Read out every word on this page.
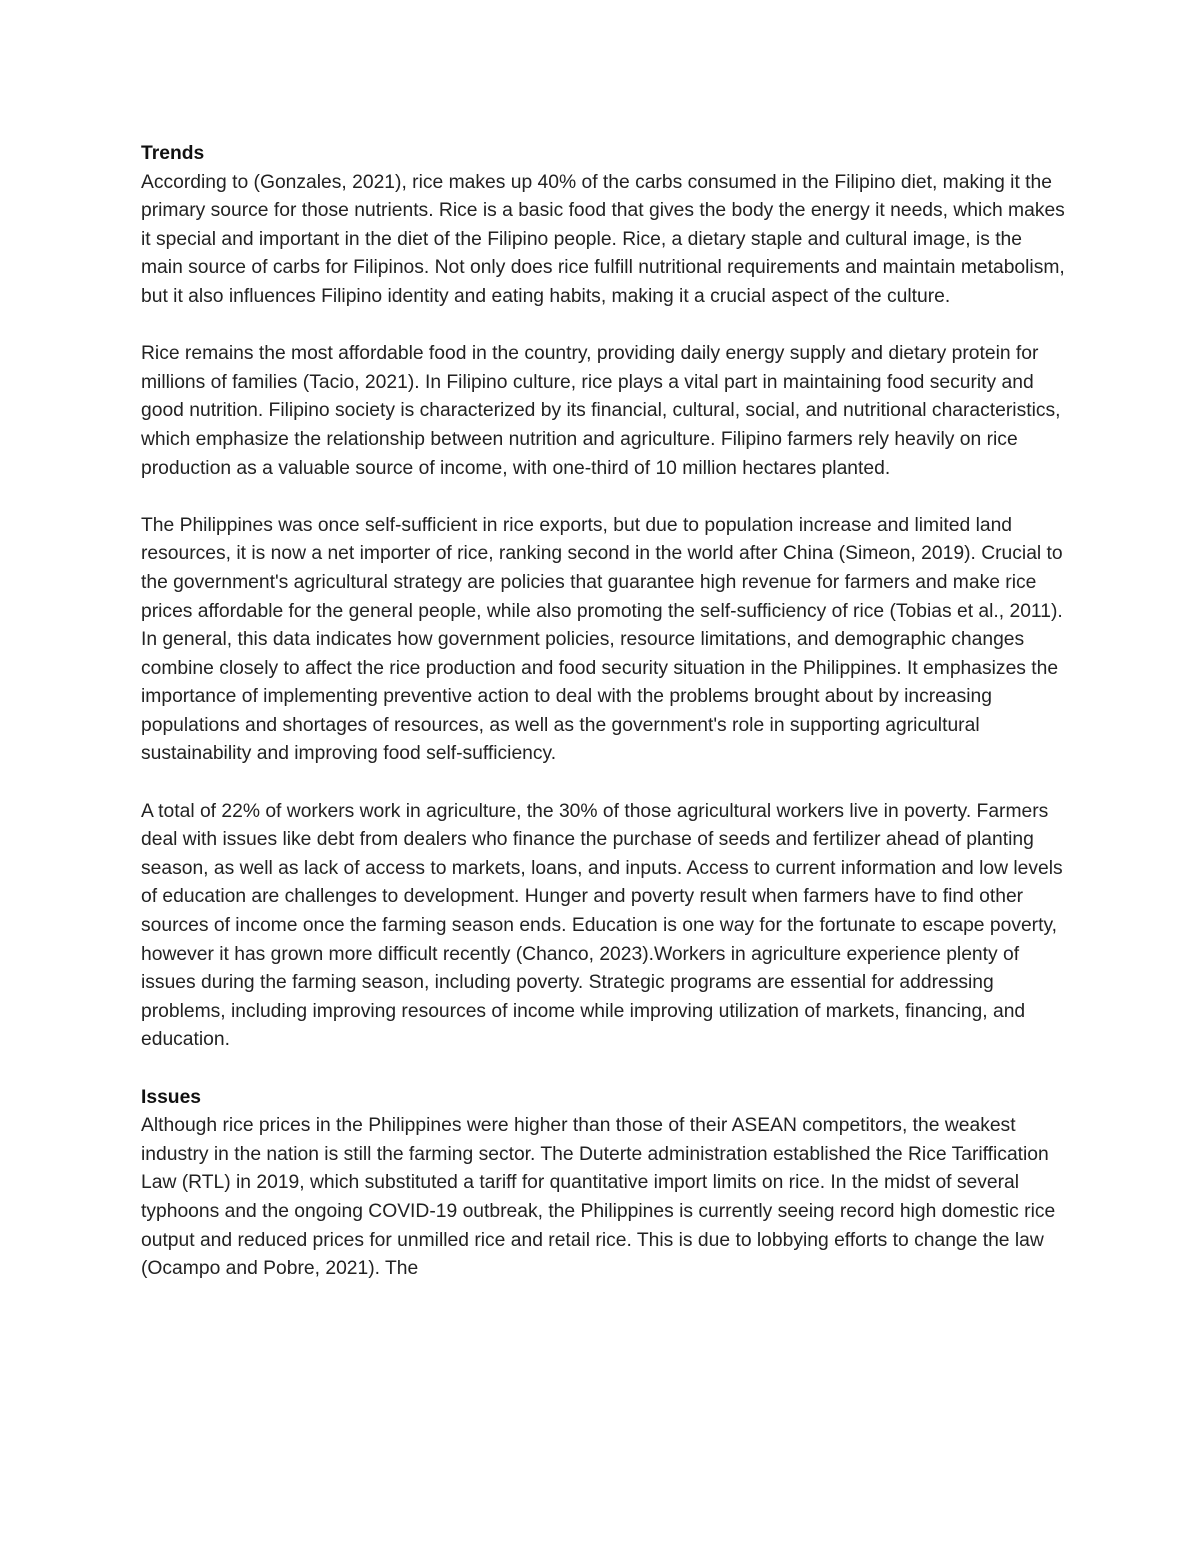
Trends

According to (Gonzales, 2021), rice makes up 40% of the carbs consumed in the Filipino diet, making it the primary source for those nutrients. Rice is a basic food that gives the body the energy it needs, which makes it special and important in the diet of the Filipino people. Rice, a dietary staple and cultural image, is the main source of carbs for Filipinos. Not only does rice fulfill nutritional requirements and maintain metabolism, but it also influences Filipino identity and eating habits, making it a crucial aspect of the culture.

Rice remains the most affordable food in the country, providing daily energy supply and dietary protein for millions of families (Tacio, 2021). In Filipino culture, rice plays a vital part in maintaining food security and good nutrition. Filipino society is characterized by its financial, cultural, social, and nutritional characteristics, which emphasize the relationship between nutrition and agriculture. Filipino farmers rely heavily on rice production as a valuable source of income, with one-third of 10 million hectares planted.

The Philippines was once self-sufficient in rice exports, but due to population increase and limited land resources, it is now a net importer of rice, ranking second in the world after China (Simeon, 2019). Crucial to the government's agricultural strategy are policies that guarantee high revenue for farmers and make rice prices affordable for the general people, while also promoting the self-sufficiency of rice (Tobias et al., 2011). In general, this data indicates how government policies, resource limitations, and demographic changes combine closely to affect the rice production and food security situation in the Philippines. It emphasizes the importance of implementing preventive action to deal with the problems brought about by increasing populations and shortages of resources, as well as the government's role in supporting agricultural sustainability and improving food self-sufficiency.

A total of 22% of workers work in agriculture, the 30% of those agricultural workers live in poverty. Farmers deal with issues like debt from dealers who finance the purchase of seeds and fertilizer ahead of planting season, as well as lack of access to markets, loans, and inputs. Access to current information and low levels of education are challenges to development. Hunger and poverty result when farmers have to find other sources of income once the farming season ends. Education is one way for the fortunate to escape poverty, however it has grown more difficult recently (Chanco, 2023).Workers in agriculture experience plenty of issues during the farming season, including poverty. Strategic programs are essential for addressing problems, including improving resources of income while improving utilization of markets, financing, and education.

Issues

Although rice prices in the Philippines were higher than those of their ASEAN competitors, the weakest industry in the nation is still the farming sector. The Duterte administration established the Rice Tariffication Law (RTL) in 2019, which substituted a tariff for quantitative import limits on rice. In the midst of several typhoons and the ongoing COVID-19 outbreak, the Philippines is currently seeing record high domestic rice output and reduced prices for unmilled rice and retail rice. This is due to lobbying efforts to change the law (Ocampo and Pobre, 2021). The
